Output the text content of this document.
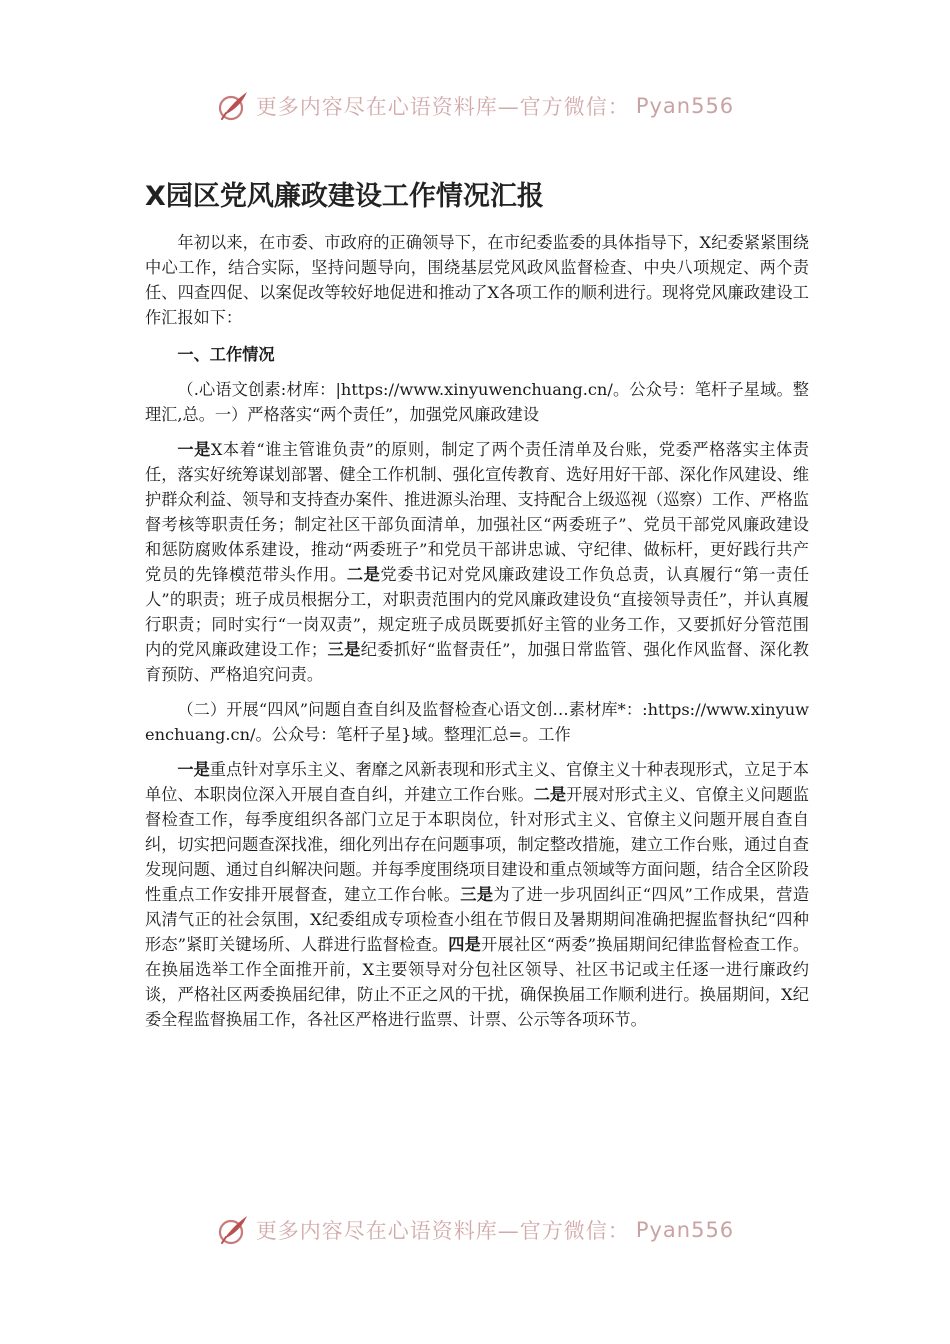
更多内容尽在心语资料库—官方微信： Pyan556
X园区党风廉政建设工作情况汇报

年初以来，在市委、市政府的正确领导下，在市纪委监委的具体指导下，X纪委紧紧围绕中心工作，结合实际，坚持问题导向，围绕基层党风政风监督检查、中央八项规定、两个责任、四查四促、以案促改等较好地促进和推动了X各项工作的顺利进行。现将党风廉政建设工作汇报如下：

一、工作情况

（.心语文创素:材库：|https://www.xinyuwenchuang.cn/。公众号：笔杆子星域。整理汇,总。一）严格落实“两个责任”，加强党风廉政建设

一是X本着“谁主管谁负责”的原则，制定了两个责任清单及台账，党委严格落实主体责任，落实好统筹谋划部署、健全工作机制、强化宣传教育、选好用好干部、深化作风建设、维护群众利益、领导和支持查办案件、推进源头治理、支持配合上级巡视（巡察）工作、严格监督考核等职责任务；制定社区干部负面清单，加强社区“两委班子”、党员干部党风廉政建设和惩防腐败体系建设，推动“两委班子”和党员干部讲忠诚、守纪律、做标杆，更好践行共产党员的先锋模范带头作用。二是党委书记对党风廉政建设工作负总责，认真履行“第一责任人”的职责；班子成员根据分工，对职责范围内的党风廉政建设负“直接领导责任”，并认真履行职责；同时实行“一岗双责”，规定班子成员既要抓好主管的业务工作，又要抓好分管范围内的党风廉政建设工作；三是纪委抓好“监督责任”，加强日常监管、强化作风监督、深化教育预防、严格追究问责。

（二）开展“四风”问题自查自纠及监督检查心语文创…素材库*：:https://www.xinyuwenchuang.cn/。公众号：笔杆子星}域。整理汇总=。工作

一是重点针对享乐主义、奢靡之风新表现和形式主义、官僚主义十种表现形式，立足于本单位、本职岗位深入开展自查自纠，并建立工作台账。二是开展对形式主义、官僚主义问题监督检查工作，每季度组织各部门立足于本职岗位，针对形式主义、官僚主义问题开展自查自纠，切实把问题查深找准，细化列出存在问题事项，制定整改措施，建立工作台账，通过自查发现问题、通过自纠解决问题。并每季度围绕项目建设和重点领域等方面问题，结合全区阶段性重点工作安排开展督查，建立工作台帐。三是为了进一步巩固纠正“四风”工作成果，营造风清气正的社会氛围，X纪委组成专项检查小组在节假日及暑期期间准确把握监督执纪“四种形态”紧盯关键场所、人群进行监督检查。四是开展社区“两委”换届期间纪律监督检查工作。在换届选举工作全面推开前，X主要领导对分包社区领导、社区书记或主任逐一进行廉政约谈，严格社区两委换届纪律，防止不正之风的干扰，确保换届工作顺利进行。换届期间，X纪委全程监督换届工作，各社区严格进行监票、计票、公示等各项环节。

更多内容尽在心语资料库—官方微信： Pyan556
